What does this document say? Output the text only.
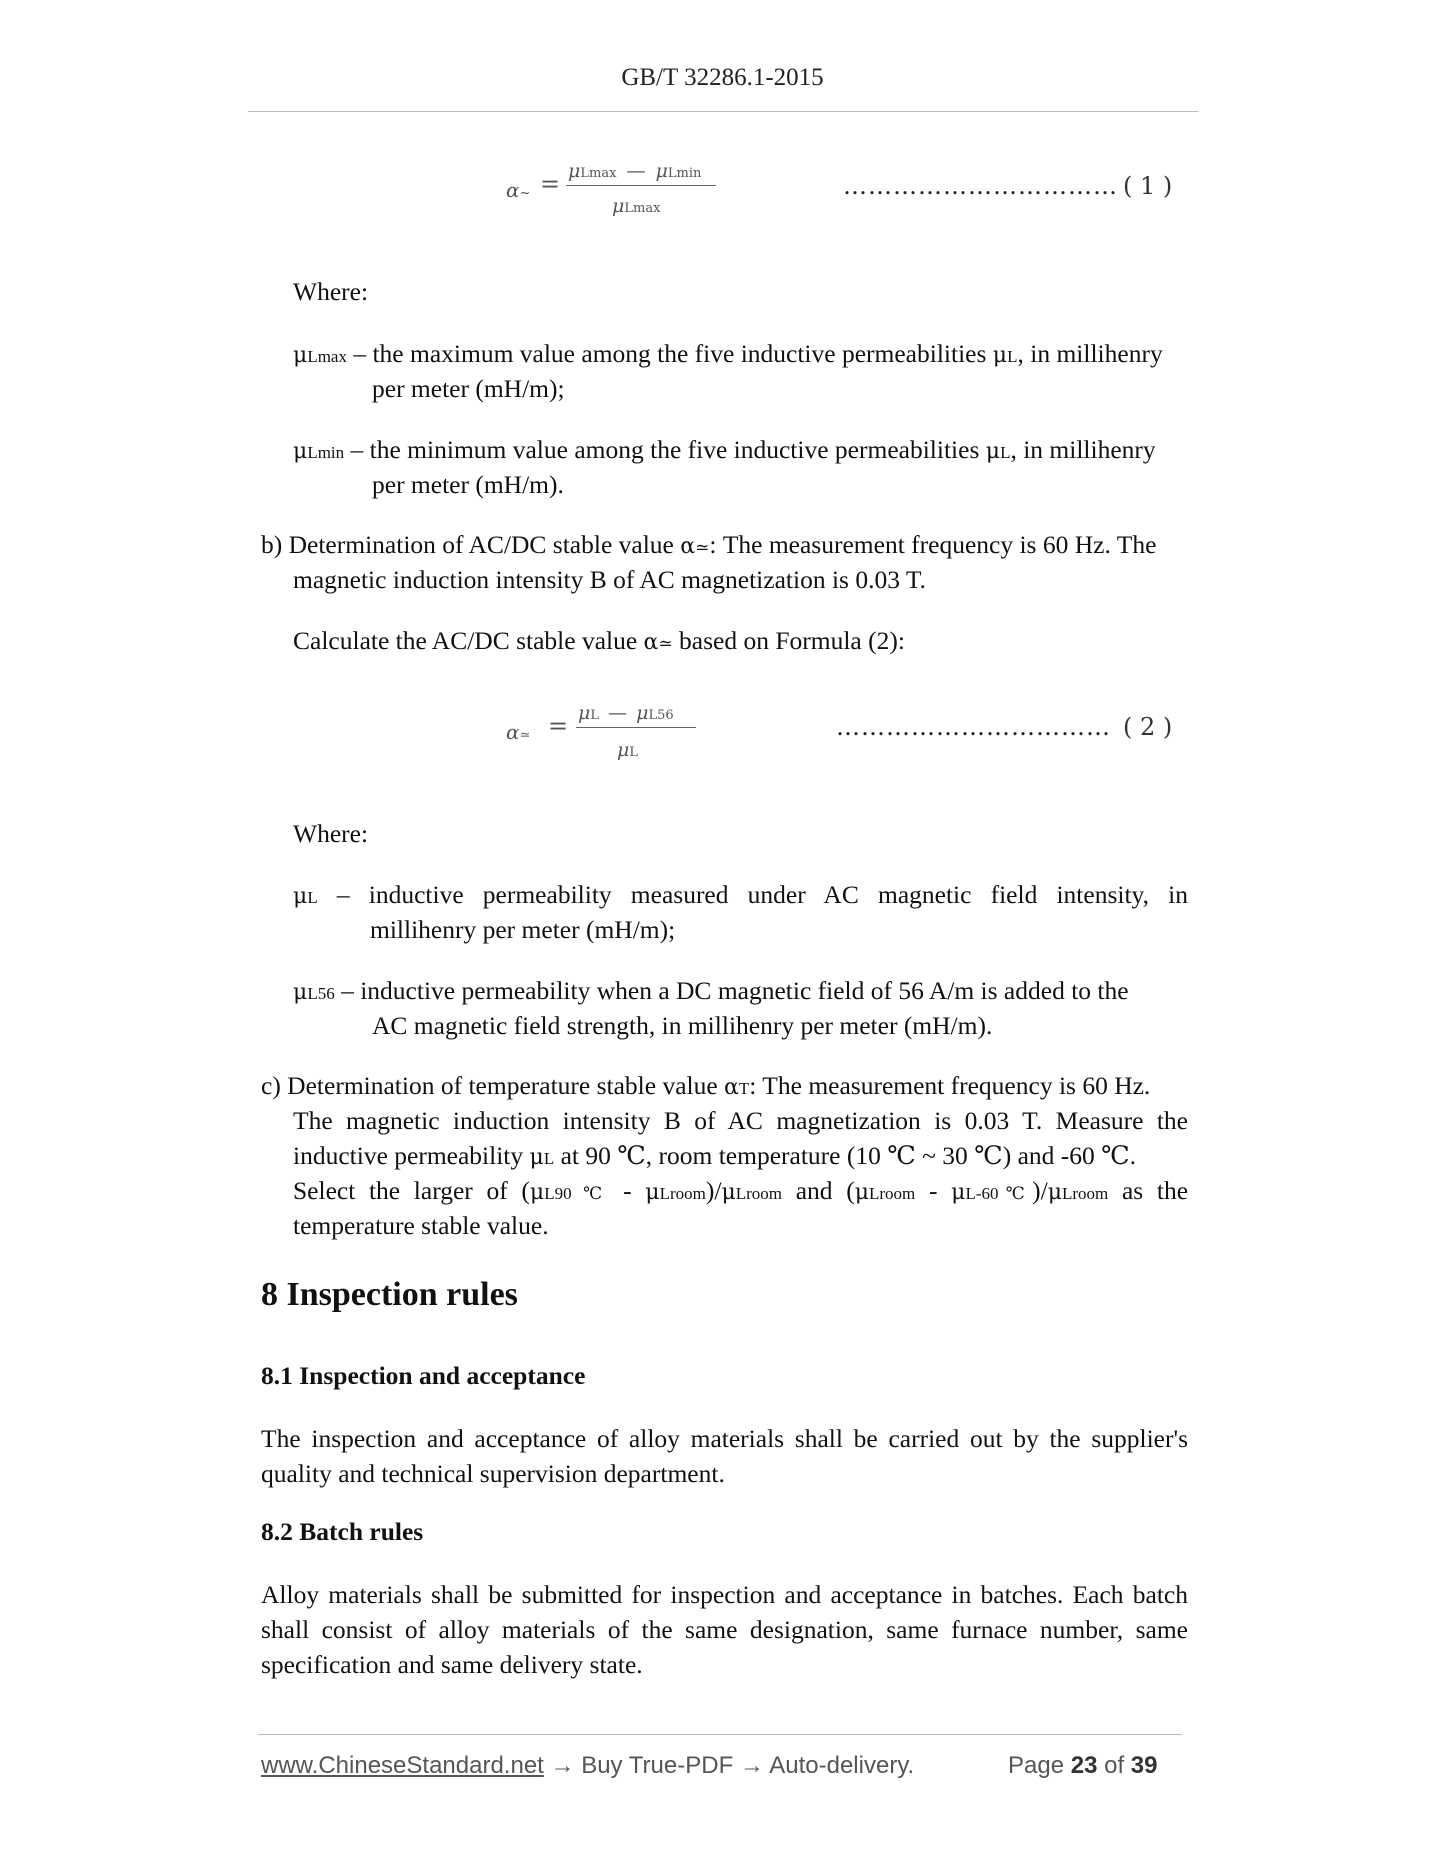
GB/T 32286.1-2015
α~ = μLmax — μLmin
μLmax
…………………………… ( 1 )
Where:
μLmax – the maximum value among the five inductive permeabilities μL, in millihenry
per meter (mH/m);
μLmin – the minimum value among the five inductive permeabilities μL, in millihenry
per meter (mH/m).
b) Determination of AC/DC stable value α≃: The measurement frequency is 60 Hz. The
magnetic induction intensity B of AC magnetization is 0.03 T.
Calculate the AC/DC stable value α≃ based on Formula (2):
α≃ = μL — μL56
μL
…………………………… ( 2 )
Where:
μL – inductive permeability measured under AC magnetic field intensity, in
millihenry per meter (mH/m);
μL56 – inductive permeability when a DC magnetic field of 56 A/m is added to the
AC magnetic field strength, in millihenry per meter (mH/m).
c) Determination of temperature stable value αT: The measurement frequency is 60 Hz.
The magnetic induction intensity B of AC magnetization is 0.03 T. Measure the
inductive permeability μL at 90 ℃, room temperature (10 ℃ ~ 30 ℃) and -60 ℃.
Select the larger of (μL90 ℃ - μLroom)/μLroom and (μLroom - μL-60℃)/μLroom as the
temperature stable value.
8 Inspection rules
8.1 Inspection and acceptance
The inspection and acceptance of alloy materials shall be carried out by the supplier's
quality and technical supervision department.
8.2 Batch rules
Alloy materials shall be submitted for inspection and acceptance in batches. Each batch
shall consist of alloy materials of the same designation, same furnace number, same
specification and same delivery state.
www.ChineseStandard.net → Buy True-PDF → Auto-delivery.	Page 23 of 39
